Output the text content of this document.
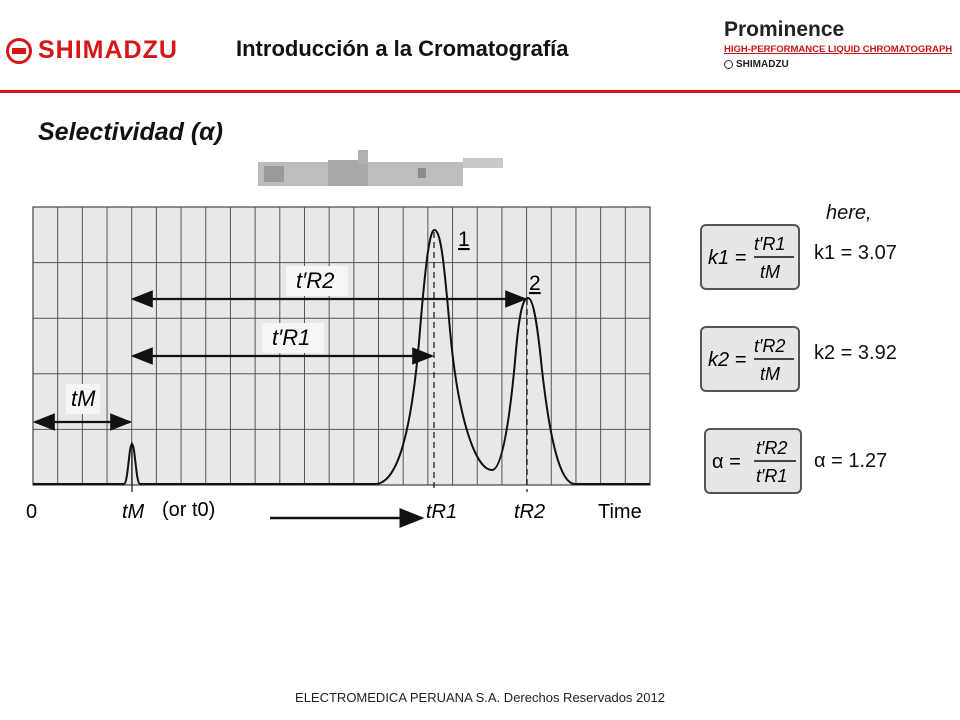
SHIMADZU	Introducción a la Cromatografía
Prominence
HIGH-PERFORMANCE LIQUID CHROMATOGRAPH
SHIMADZU
Selectividad (α)
t′R2
t′R1
tM
1
2
0	tM (or t0)	tR1	tR2	Time
here,
k1 =
t′R1
tM
k1 = 3.07
k2 =
t′R2
tM
k2 = 3.92
α =
t′R2
t′R1
α = 1.27
ELECTROMEDICA PERUANA S.A. Derechos Reservados 2012
